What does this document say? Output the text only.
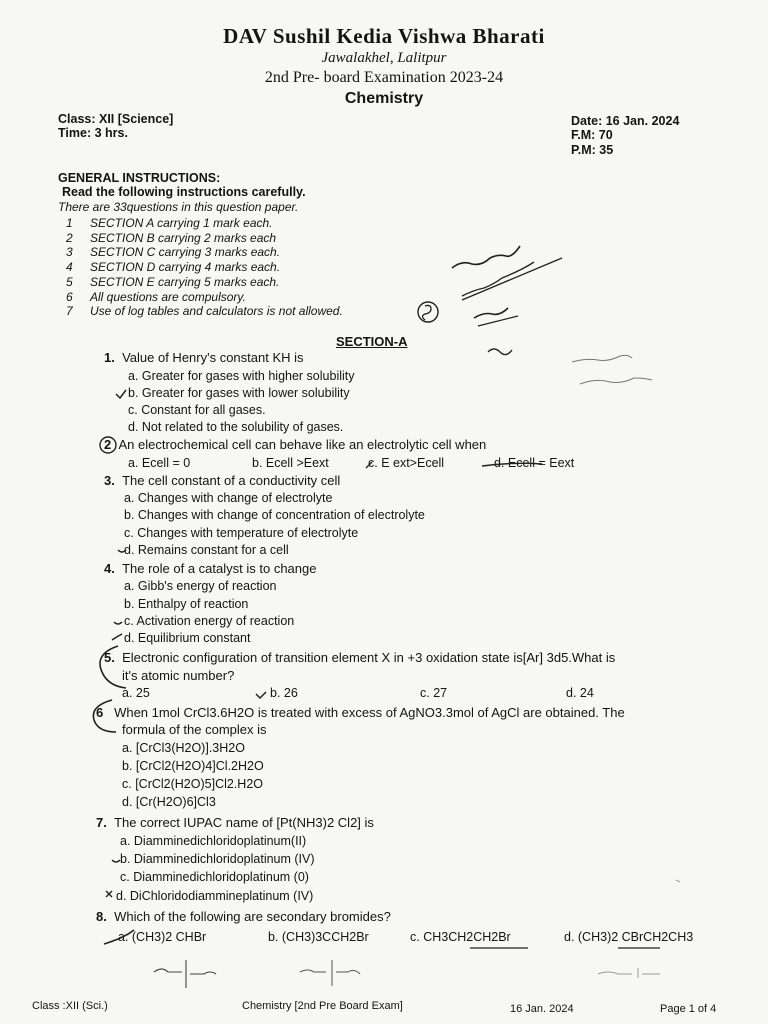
DAV Sushil Kedia Vishwa Bharati
Jawalakhel, Lalitpur
2nd Pre- board Examination 2023-24
Chemistry
Class: XII [Science]
Time: 3 hrs.
Date: 16 Jan. 2024
F.M: 70
P.M: 35
GENERAL INSTRUCTIONS:
Read the following instructions carefully.
There are 33questions in this question paper.
1 SECTION A carrying 1 mark each.
2 SECTION B carrying 2 marks each
3 SECTION C carrying 3 marks each.
4 SECTION D carrying 4 marks each.
5 SECTION E carrying 5 marks each.
6 All questions are compulsory.
7 Use of log tables and calculators is not allowed.
SECTION-A
1. Value of Henry's constant KH is
a. Greater for gases with higher solubility
b. Greater for gases with lower solubility
c. Constant for all gases.
d. Not related to the solubility of gases.
2 An electrochemical cell can behave like an electrolytic cell when
a. Ecell = 0	b. Ecell >Eext	c. E ext>Ecell	d. Ecell = Eext
3. The cell constant of a conductivity cell
a. Changes with change of electrolyte
b. Changes with change of concentration of electrolyte
c. Changes with temperature of electrolyte
d. Remains constant for a cell
4. The role of a catalyst is to change
a. Gibb's energy of reaction
b. Enthalpy of reaction
c. Activation energy of reaction
d. Equilibrium constant
5. Electronic configuration of transition element X in +3 oxidation state is[Ar] 3d5.What is
it's atomic number?
a. 25	b. 26	c. 27	d. 24
6 When 1mol CrCl3.6H2O is treated with excess of AgNO3.3mol of AgCl are obtained. The
formula of the complex is
a. [CrCl3(H2O)].3H2O
b. [CrCl2(H2O)4]Cl.2H2O
c. [CrCl2(H2O)5]Cl2.H2O
d. [Cr(H2O)6]Cl3
7. The correct IUPAC name of [Pt(NH3)2 Cl2] is
a. Diamminedichloridoplatinum(II)
b. Diamminedichloridoplatinum (IV)
c. Diamminedichloridoplatinum (0)
d. DiChloridodiammineplatinum (IV)
8. Which of the following are secondary bromides?
a. (CH3)2 CHBr	b. (CH3)3CCH2Br	c. CH3CH2CH2Br	d. (CH3)2 CBrCH2CH3
Class :XII (Sci.)	Chemistry [2nd Pre Board Exam]	16 Jan. 2024	Page 1 of 4
